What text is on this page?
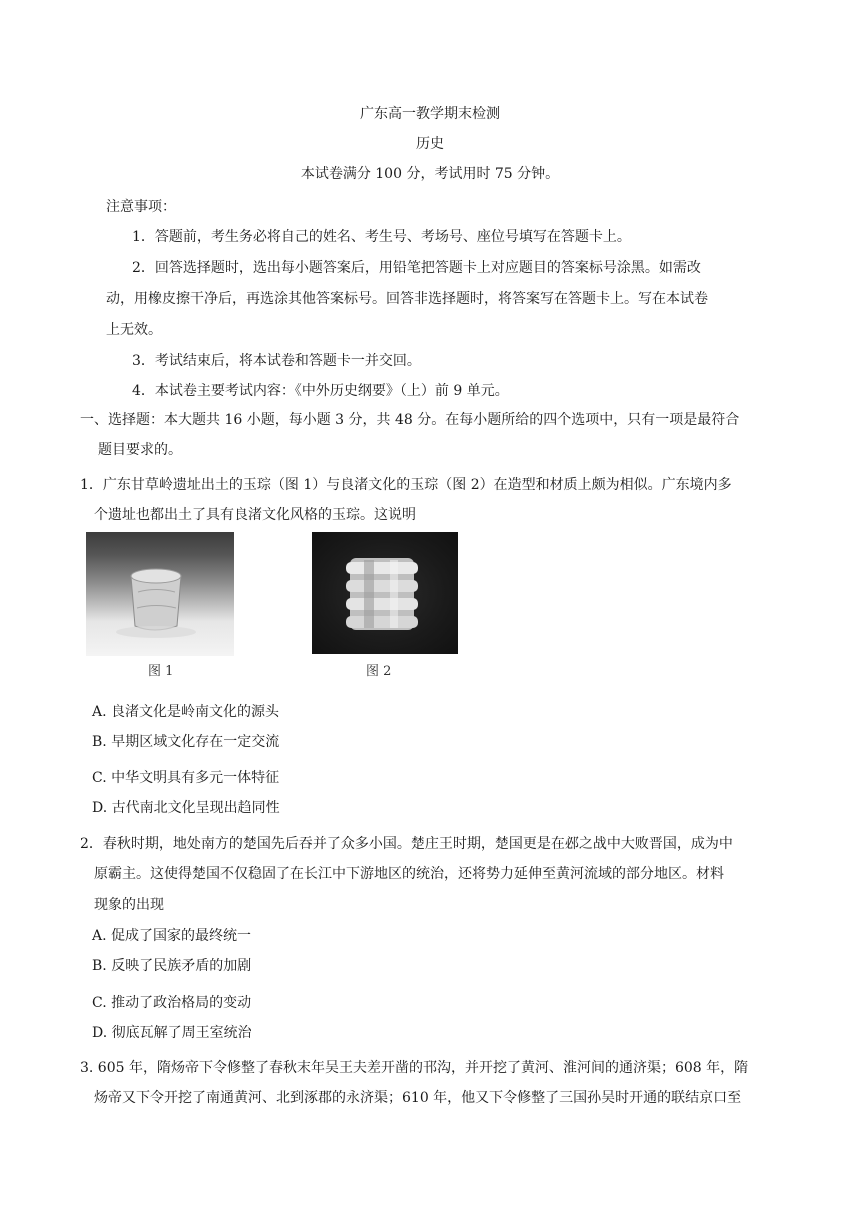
广东高一教学期末检测
历史
本试卷满分 100 分，考试用时 75 分钟。
注意事项：
1．答题前，考生务必将自己的姓名、考生号、考场号、座位号填写在答题卡上。
2．回答选择题时，选出每小题答案后，用铅笔把答题卡上对应题目的答案标号涂黑。如需改
动，用橡皮擦干净后，再选涂其他答案标号。回答非选择题时，将答案写在答题卡上。写在本试卷
上无效。
3．考试结束后，将本试卷和答题卡一并交回。
4．本试卷主要考试内容：《中外历史纲要》（上）前 9 单元。
一、选择题：本大题共 16 小题，每小题 3 分，共 48 分。在每小题所给的四个选项中，只有一项是最符合
题目要求的。
1．广东甘草岭遗址出土的玉琮（图 1）与良渚文化的玉琮（图 2）在造型和材质上颇为相似。广东境内多
个遗址也都出土了具有良渚文化风格的玉琮。这说明
图 1	图 2
A. 良渚文化是岭南文化的源头
B. 早期区域文化存在一定交流
C. 中华文明具有多元一体特征
D. 古代南北文化呈现出趋同性
2．春秋时期，地处南方的楚国先后吞并了众多小国。楚庄王时期，楚国更是在邲之战中大败晋国，成为中
原霸主。这使得楚国不仅稳固了在长江中下游地区的统治，还将势力延伸至黄河流域的部分地区。材料
现象的出现
A. 促成了国家的最终统一
B. 反映了民族矛盾的加剧
C. 推动了政治格局的变动
D. 彻底瓦解了周王室统治
3. 605 年，隋炀帝下令修整了春秋末年吴王夫差开凿的邗沟，并开挖了黄河、淮河间的通济渠；608 年，隋
炀帝又下令开挖了南通黄河、北到涿郡的永济渠；610 年，他又下令修整了三国孙吴时开通的联结京口至
